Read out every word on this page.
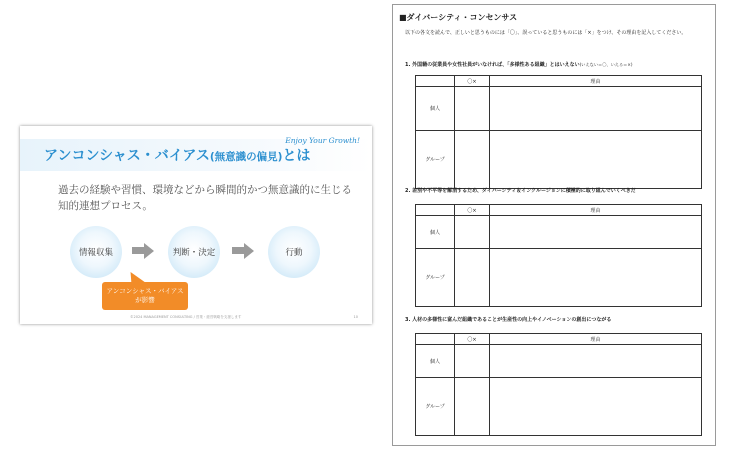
アンコンシャス・バイアス(無意識の偏見)とは
Enjoy Your Growth!
過去の経験や習慣、環境などから瞬間的かつ無意識的に生じる
知的連想プロセス。
情報収集	判断・決定	行動
アンコンシャス・バイアス
が影響
©2024 MANAGEMENT CONSULTING / 営業・経営戦略を支援します	10
■ダイバーシティ・コンセンサス
以下の各文を読んで、正しいと思うものには「〇」、誤っていると思うものには「×」をつけ、その理由を記入してください。
1. 外国籍の従業員や女性社員がいなければ、「多様性ある組織」とはいえない(いえない＝〇、いえる＝×)
	〇×	理由
個人		
グループ		
2. 差別や不平等を解消するため、ダイバーシティ＆インクルージョンに積極的に取り組んでいくべきだ
	〇×	理由
個人		
グループ		
3. 人材の多様性に富んだ組織であることが生産性の向上やイノベーションの創出につながる
	〇×	理由
個人		
グループ		
